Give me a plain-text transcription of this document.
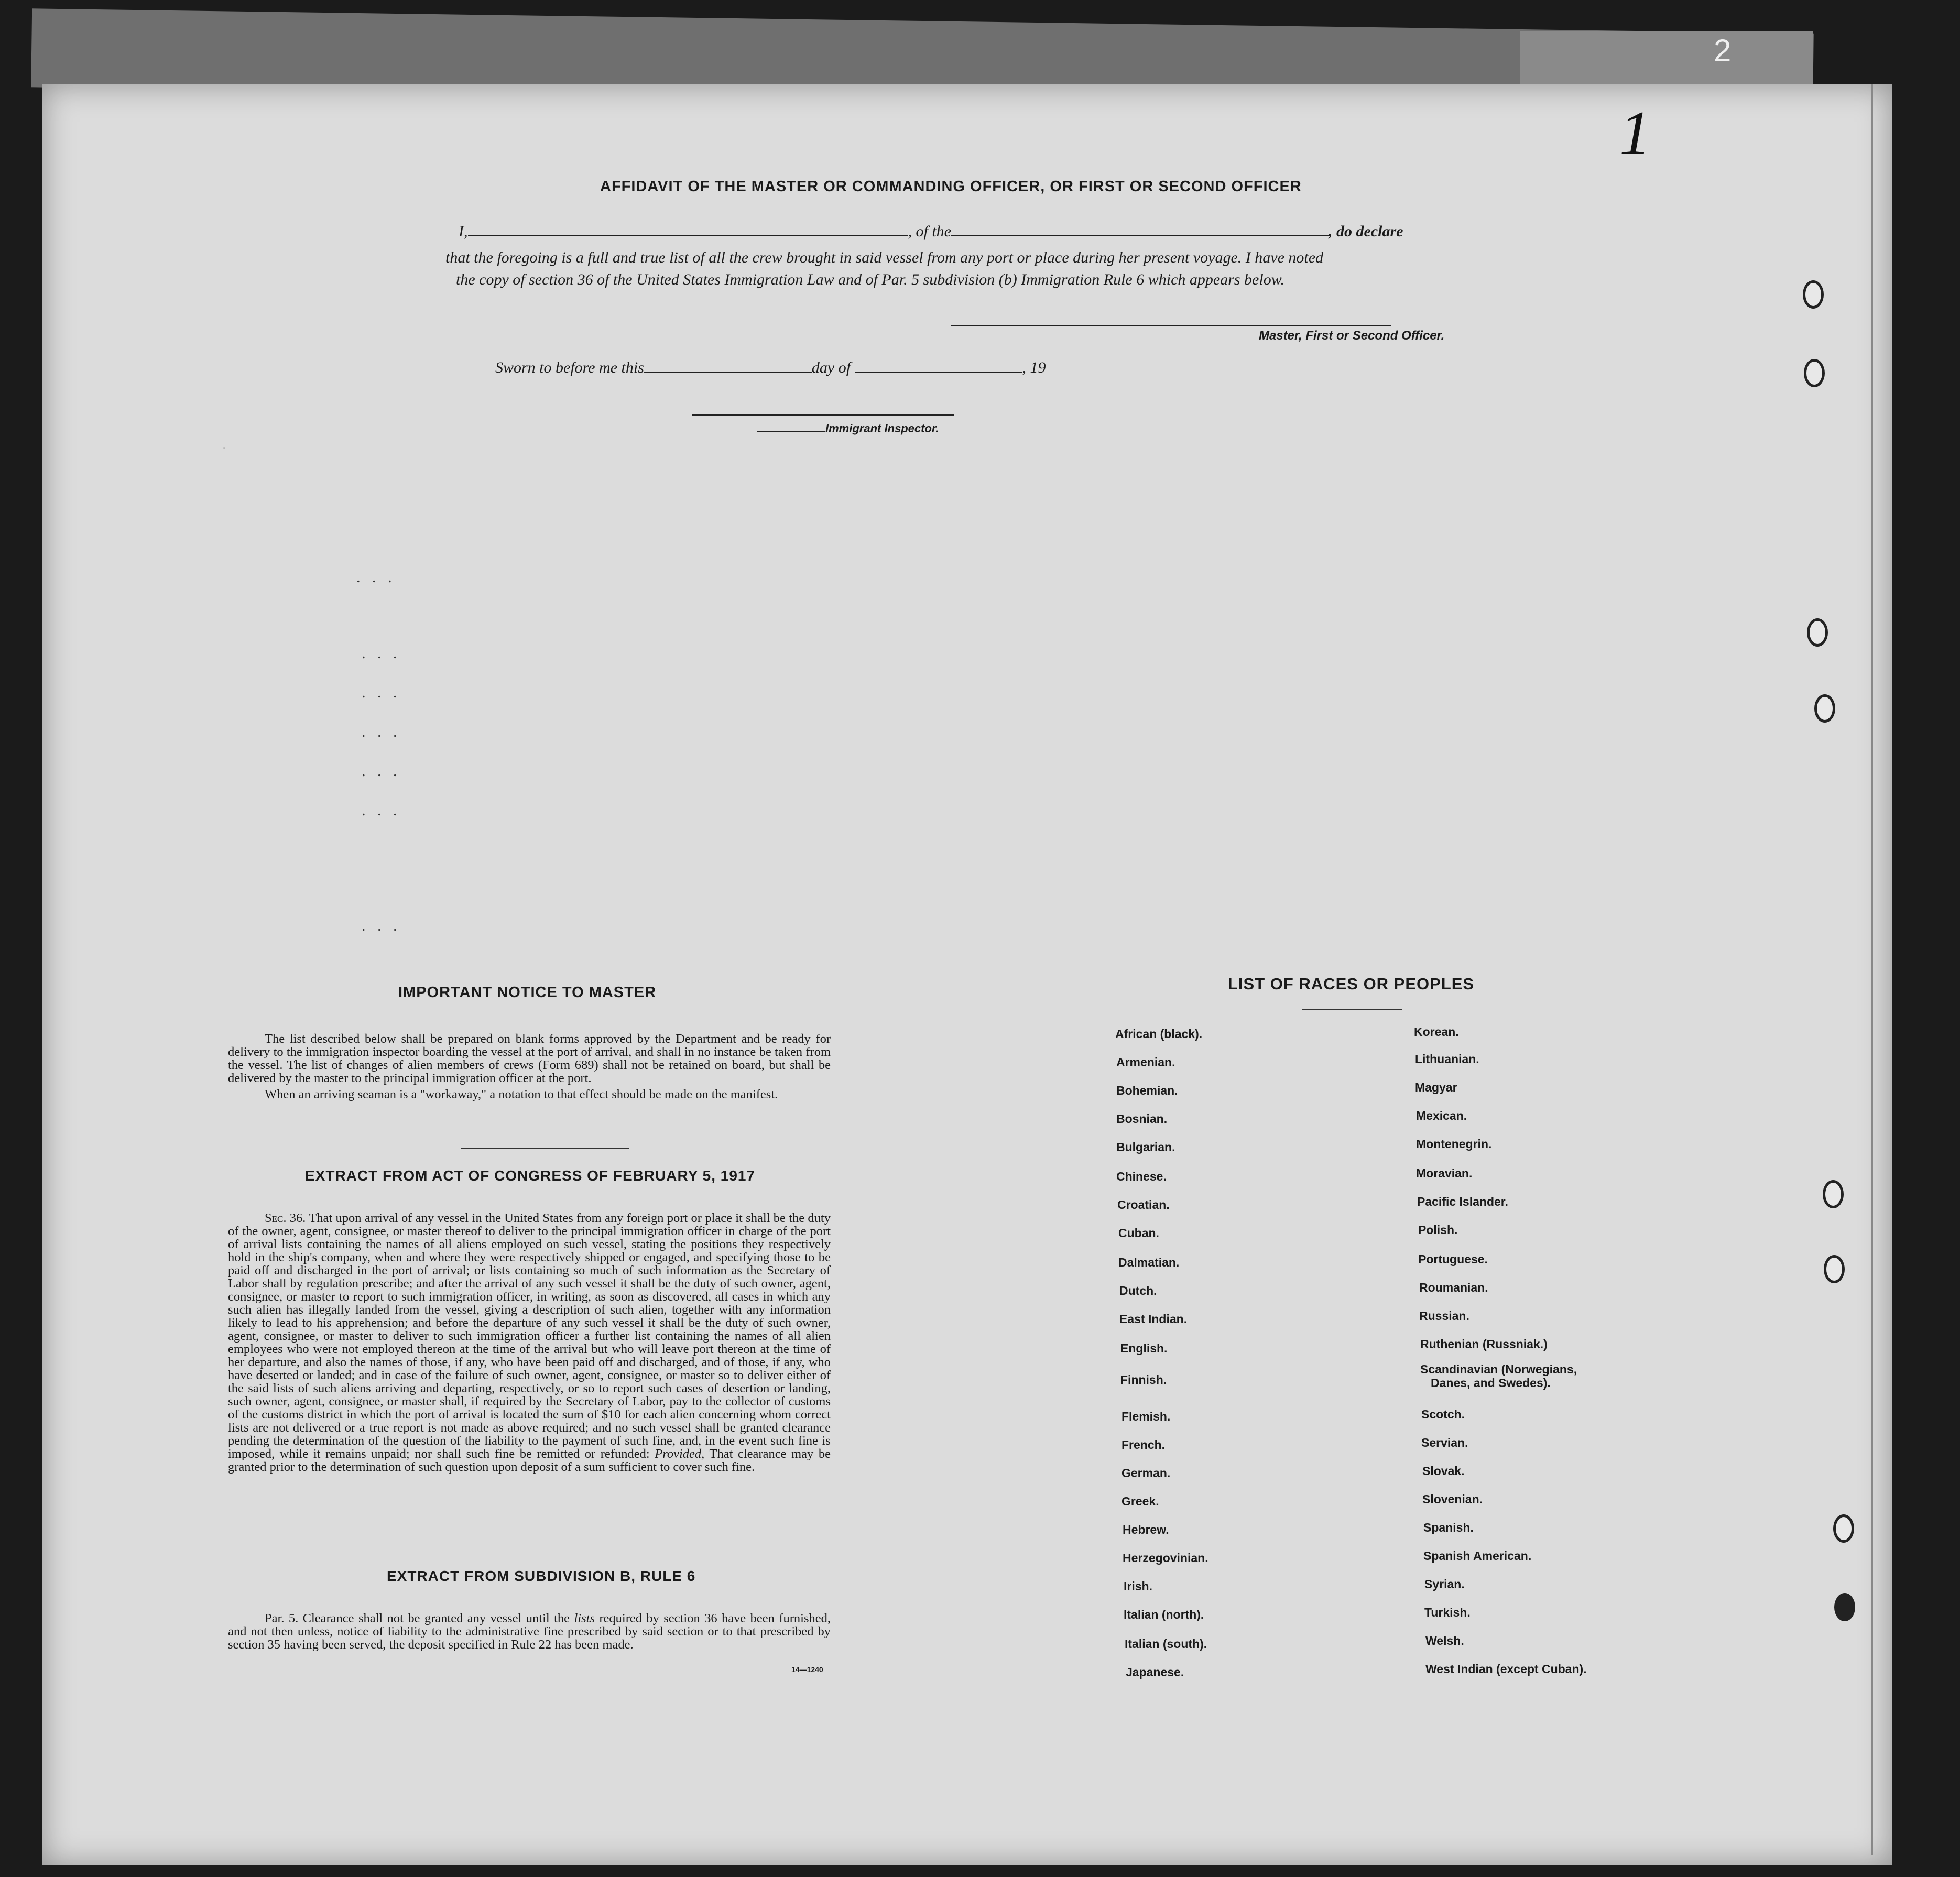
2
1
.
.   .   .
.   .   .
.   .   .
.   .   .
.   .   .
.   .   .
.   .   .
AFFIDAVIT OF THE MASTER OR COMMANDING OFFICER, OR FIRST OR SECOND OFFICER
I,	, of the	, do declare
that the foregoing is a full and true list of all the crew brought in said vessel from any port or place during her present voyage. I have noted
the copy of section 36 of the United States Immigration Law and of Par. 5 subdivision (b) Immigration Rule 6 which appears below.
Master, First or Second Officer.
Sworn to before me this	day of	, 19
Immigrant Inspector.
IMPORTANT NOTICE TO MASTER

The list described below shall be prepared on blank forms approved by the Department and be ready for delivery to the immigration inspector boarding the vessel at the port of arrival, and shall in no instance be taken from the vessel. The list of changes of alien members of crews (Form 689) shall not be retained on board, but shall be delivered by the master to the principal immigration officer at the port.

When an arriving seaman is a "workaway," a notation to that effect should be made on the manifest.

EXTRACT FROM ACT OF CONGRESS OF FEBRUARY 5, 1917

Sec. 36. That upon arrival of any vessel in the United States from any foreign port or place it shall be the duty of the owner, agent, consignee, or master thereof to deliver to the principal immigration officer in charge of the port of arrival lists containing the names of all aliens employed on such vessel, stating the positions they respectively hold in the ship's company, when and where they were respectively shipped or engaged, and specifying those to be paid off and discharged in the port of arrival; or lists containing so much of such information as the Secretary of Labor shall by regulation prescribe; and after the arrival of any such vessel it shall be the duty of such owner, agent, consignee, or master to report to such immigration officer, in writing, as soon as discovered, all cases in which any such alien has illegally landed from the vessel, giving a description of such alien, together with any information likely to lead to his apprehension; and before the departure of any such vessel it shall be the duty of such owner, agent, consignee, or master to deliver to such immigration officer a further list containing the names of all alien employees who were not employed thereon at the time of the arrival but who will leave port thereon at the time of her departure, and also the names of those, if any, who have been paid off and discharged, and of those, if any, who have deserted or landed; and in case of the failure of such owner, agent, consignee, or master so to deliver either of the said lists of such aliens arriving and departing, respectively, or so to report such cases of desertion or landing, such owner, agent, consignee, or master shall, if required by the Secretary of Labor, pay to the collector of customs of the customs district in which the port of arrival is located the sum of $10 for each alien concerning whom correct lists are not delivered or a true report is not made as above required; and no such vessel shall be granted clearance pending the determination of the question of the liability to the payment of such fine, and, in the event such fine is imposed, while it remains unpaid; nor shall such fine be remitted or refunded: Provided, That clearance may be granted prior to the determination of such question upon deposit of a sum sufficient to cover such fine.

EXTRACT FROM SUBDIVISION B, RULE 6

Par. 5. Clearance shall not be granted any vessel until the lists required by section 36 have been furnished, and not then unless, notice of liability to the administrative fine prescribed by said section or to that prescribed by section 35 having been served, the deposit specified in Rule 22 has been made.

14—1240
LIST OF RACES OR PEOPLES
African (black).
Armenian.
Bohemian.
Bosnian.
Bulgarian.
Chinese.
Croatian.
Cuban.
Dalmatian.
Dutch.
East Indian.
English.
Finnish.
Flemish.
French.
German.
Greek.
Hebrew.
Herzegovinian.
Irish.
Italian (north).
Italian (south).
Japanese.
Korean.
Lithuanian.
Magyar
Mexican.
Montenegrin.
Moravian.
Pacific Islander.
Polish.
Portuguese.
Roumanian.
Russian.
Ruthenian (Russniak.)
Scandinavian (Norwegians,
Danes, and Swedes).
Scotch.
Servian.
Slovak.
Slovenian.
Spanish.
Spanish American.
Syrian.
Turkish.
Welsh.
West Indian (except Cuban).
